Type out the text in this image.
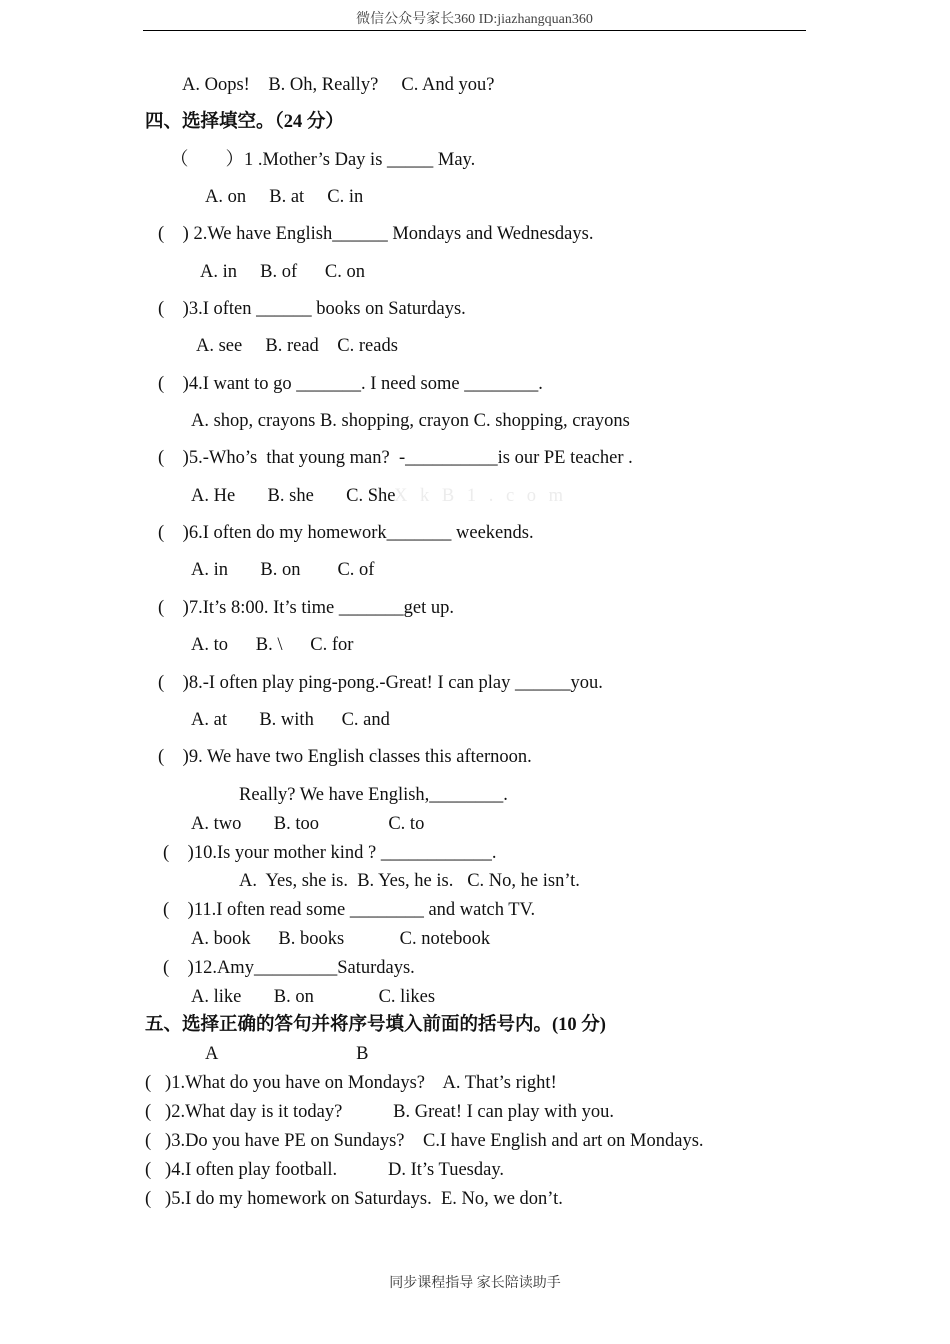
微信公众号家长360 ID:jiazhangquan360
A. Oops!    B. Oh, Really?     C. And you?
四、选择填空。（24 分）
（　　）1 .Mother’s Day is _____ May.
A. on     B. at     C. in
(    ) 2.We have English______ Mondays and Wednesdays.
A. in     B. of      C. on
(    )3.I often ______ books on Saturdays.
A. see     B. read    C. reads
(    )4.I want to go _______. I need some ________.
A. shop, crayons B. shopping, crayon C. shopping, crayons
(    )5.-Who’s  that young man?  -__________is our PE teacher .
A. He       B. she       C. She
X k B 1 . c o m
(    )6.I often do my homework_______ weekends.
A. in       B. on        C. of
(    )7.It’s 8:00. It’s time _______get up.
A. to      B. \      C. for
(    )8.-I often play ping-pong.-Great! I can play ______you.
A. at       B. with      C. and
(    )9. We have two English classes this afternoon.
Really? We have English,________.
A. two       B. too               C. to
(    )10.Is your mother kind ? ____________.
A.  Yes, she is.  B. Yes, he is.   C. No, he isn’t.
(    )11.I often read some ________ and watch TV.
A. book      B. books            C. notebook
(    )12.Amy_________Saturdays.
A. like       B. on              C. likes
五、选择正确的答句并将序号填入前面的括号内。(10 分)
A                              B
(   )1.What do you have on Mondays?    A. That’s right!
(   )2.What day is it today?           B. Great! I can play with you.
(   )3.Do you have PE on Sundays?    C.I have English and art on Mondays.
(   )4.I often play football.           D. It’s Tuesday.
(   )5.I do my homework on Saturdays.  E. No, we don’t.
同步课程指导 家长陪读助手
